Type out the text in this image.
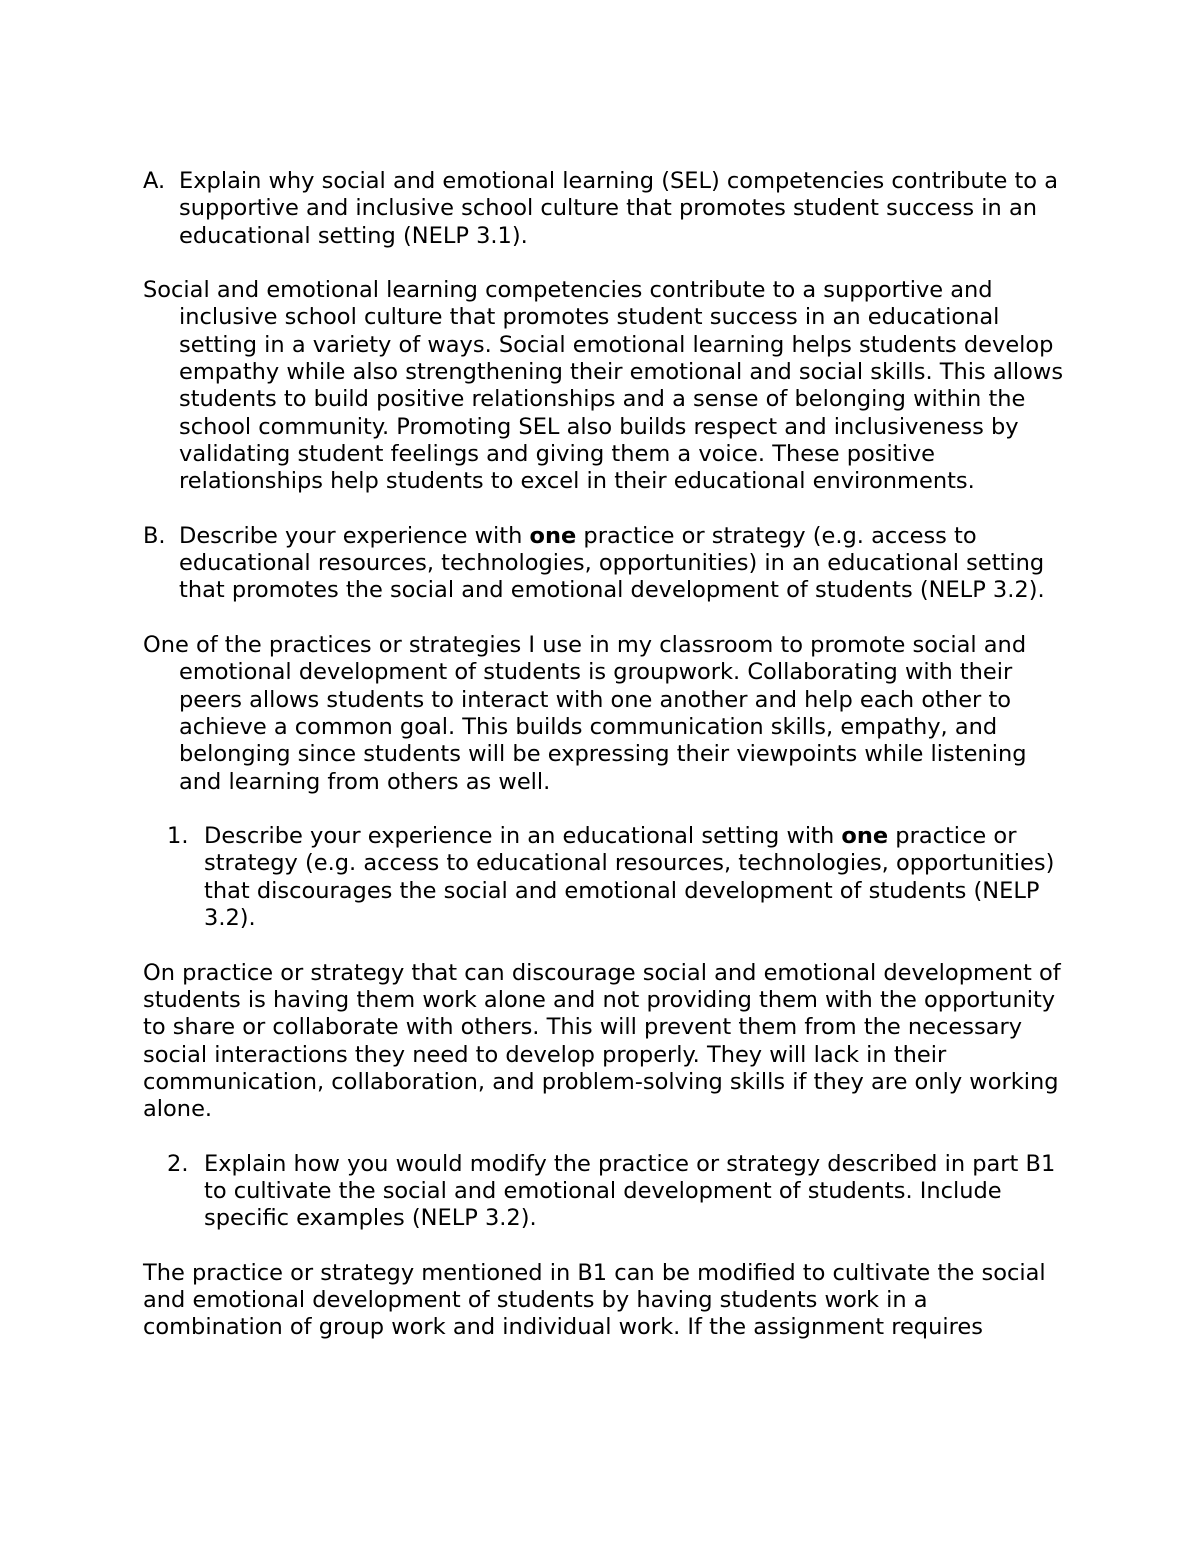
A. Explain why social and emotional learning (SEL) competencies contribute to a supportive and inclusive school culture that promotes student success in an educational setting (NELP 3.1).

Social and emotional learning competencies contribute to a supportive and inclusive school culture that promotes student success in an educational setting in a variety of ways. Social emotional learning helps students develop empathy while also strengthening their emotional and social skills. This allows students to build positive relationships and a sense of belonging within the school community. Promoting SEL also builds respect and inclusiveness by validating student feelings and giving them a voice. These positive relationships help students to excel in their educational environments.

B. Describe your experience with one practice or strategy (e.g. access to educational resources, technologies, opportunities) in an educational setting that promotes the social and emotional development of students (NELP 3.2).

One of the practices or strategies I use in my classroom to promote social and emotional development of students is groupwork. Collaborating with their peers allows students to interact with one another and help each other to achieve a common goal. This builds communication skills, empathy, and belonging since students will be expressing their viewpoints while listening and learning from others as well.

1. Describe your experience in an educational setting with one practice or strategy (e.g. access to educational resources, technologies, opportunities) that discourages the social and emotional development of students (NELP 3.2).

On practice or strategy that can discourage social and emotional development of students is having them work alone and not providing them with the opportunity to share or collaborate with others. This will prevent them from the necessary social interactions they need to develop properly. They will lack in their communication, collaboration, and problem-solving skills if they are only working alone.

2. Explain how you would modify the practice or strategy described in part B1 to cultivate the social and emotional development of students. Include specific examples (NELP 3.2).

The practice or strategy mentioned in B1 can be modified to cultivate the social and emotional development of students by having students work in a combination of group work and individual work. If the assignment requires
